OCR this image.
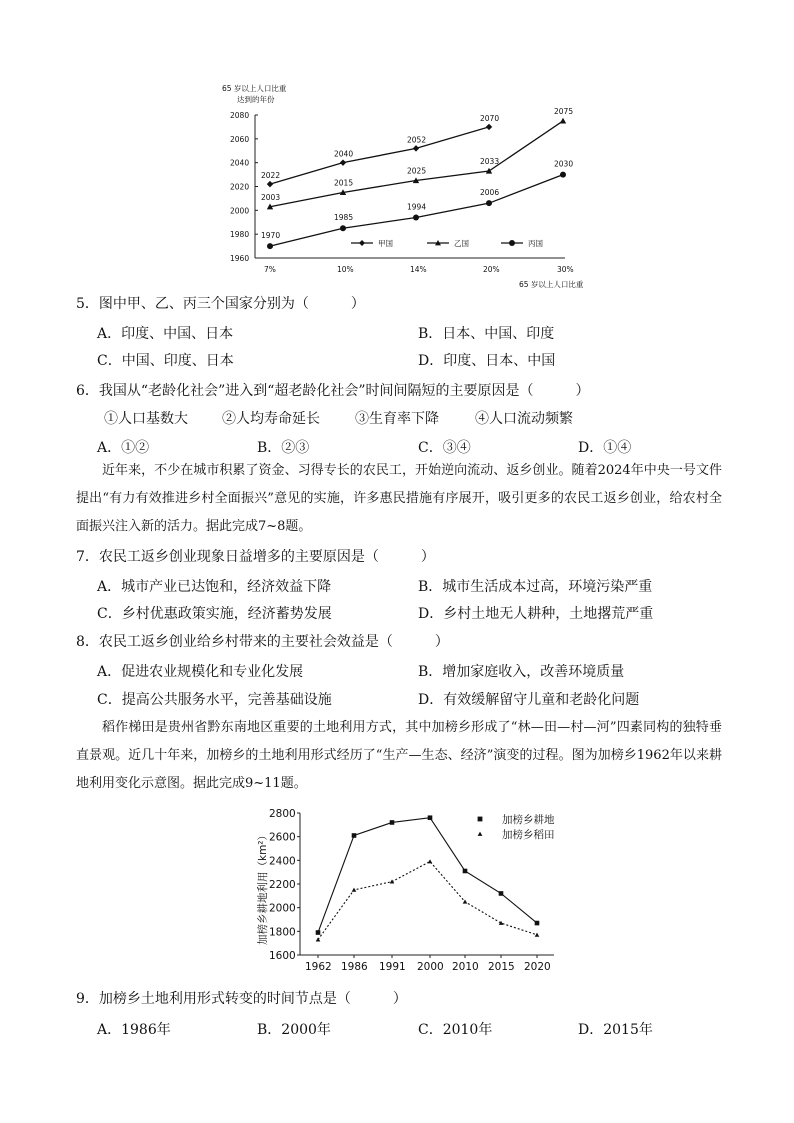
65 岁以上人口比重
达到的年份
2080
2060
2040
2020
2000
1980
1960
7%	10%	14%	20%	30%
2022
2040
2052
2070
2003
2015
2025
2033
2075
1970
1985
1994
2006
2030
甲国	乙国	丙国
65 岁以上人口比重
5．图中甲、乙、丙三个国家分别为（　　　）
A．印度、中国、日本	B．日本、中国、印度
C．中国、印度、日本	D．印度、日本、中国
6．我国从“老龄化社会”进入到“超老龄化社会”时间间隔短的主要原因是（　　　）
①人口基数大 ②人均寿命延长	③生育率下降	④人口流动频繁
A．①②	B．②③	C．③④	D．①④
近年来，不少在城市积累了资金、习得专长的农民工，开始逆向流动、返乡创业。随着2024年中央一号文件提出“有力有效推进乡村全面振兴”意见的实施，许多惠民措施有序展开，吸引更多的农民工返乡创业，给农村全面振兴注入新的活力。据此完成7~8题。
7．农民工返乡创业现象日益增多的主要原因是（　　　）
A．城市产业已达饱和，经济效益下降	B．城市生活成本过高，环境污染严重
C．乡村优惠政策实施，经济蓄势发展	D．乡村土地无人耕种，土地撂荒严重
8．农民工返乡创业给乡村带来的主要社会效益是（　　　）
A．促进农业规模化和专业化发展	B．增加家庭收入，改善环境质量
C．提高公共服务水平，完善基础设施	D．有效缓解留守儿童和老龄化问题
稻作梯田是贵州省黔东南地区重要的土地利用方式，其中加榜乡形成了“林—田—村—河”四素同构的独特垂直景观。近几十年来，加榜乡的土地利用形式经历了“生产—生态、经济”演变的过程。图为加榜乡1962年以来耕地利用变化示意图。据此完成9~11题。
加榜乡耕地利用（km²）
2800
2600
2400
2200
2000
1800
1600
1962 1986 1991 2000 2010 2015 2020
加榜乡耕地
加榜乡稻田
9．加榜乡土地利用形式转变的时间节点是（　　　）
A．1986年	B．2000年	C．2010年	D．2015年
